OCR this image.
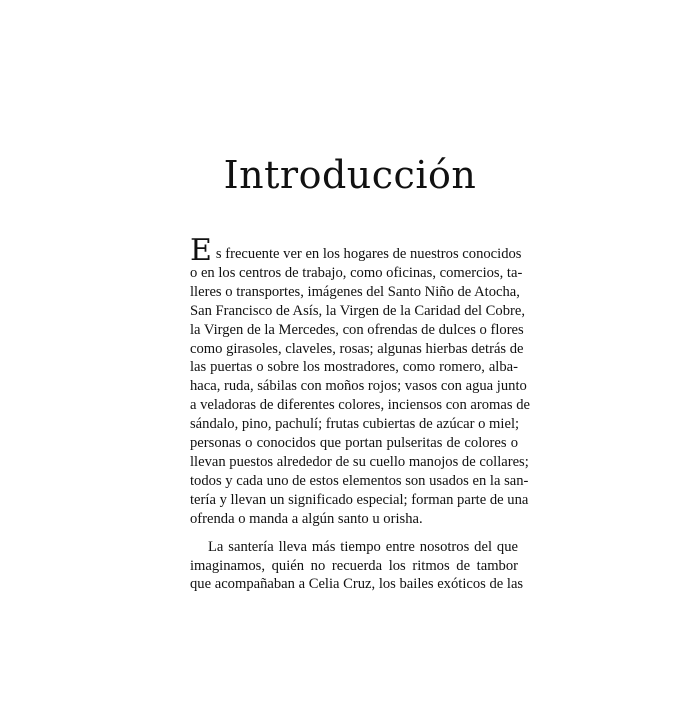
Introducción

Es frecuente ver en los hogares de nuestros conocidos
o en los centros de trabajo, como oficinas, comercios, ta-
lleres o transportes, imágenes del Santo Niño de Atocha,
San Francisco de Asís, la Virgen de la Caridad del Cobre,
la Virgen de la Mercedes, con ofrendas de dulces o flores
como girasoles, claveles, rosas; algunas hierbas detrás de
las puertas o sobre los mostradores, como romero, alba-
haca, ruda, sábilas con moños rojos; vasos con agua junto
a veladoras de diferentes colores, inciensos con aromas de
sándalo, pino, pachulí; frutas cubiertas de azúcar o miel;
personas o conocidos que portan pulseritas de colores o
llevan puestos alrededor de su cuello manojos de collares;
todos y cada uno de estos elementos son usados en la san-
tería y llevan un significado especial; forman parte de una
ofrenda o manda a algún santo u orisha.

La santería lleva más tiempo entre nosotros del que
imaginamos, quién no recuerda los ritmos de tambor
que acompañaban a Celia Cruz, los bailes exóticos de las
